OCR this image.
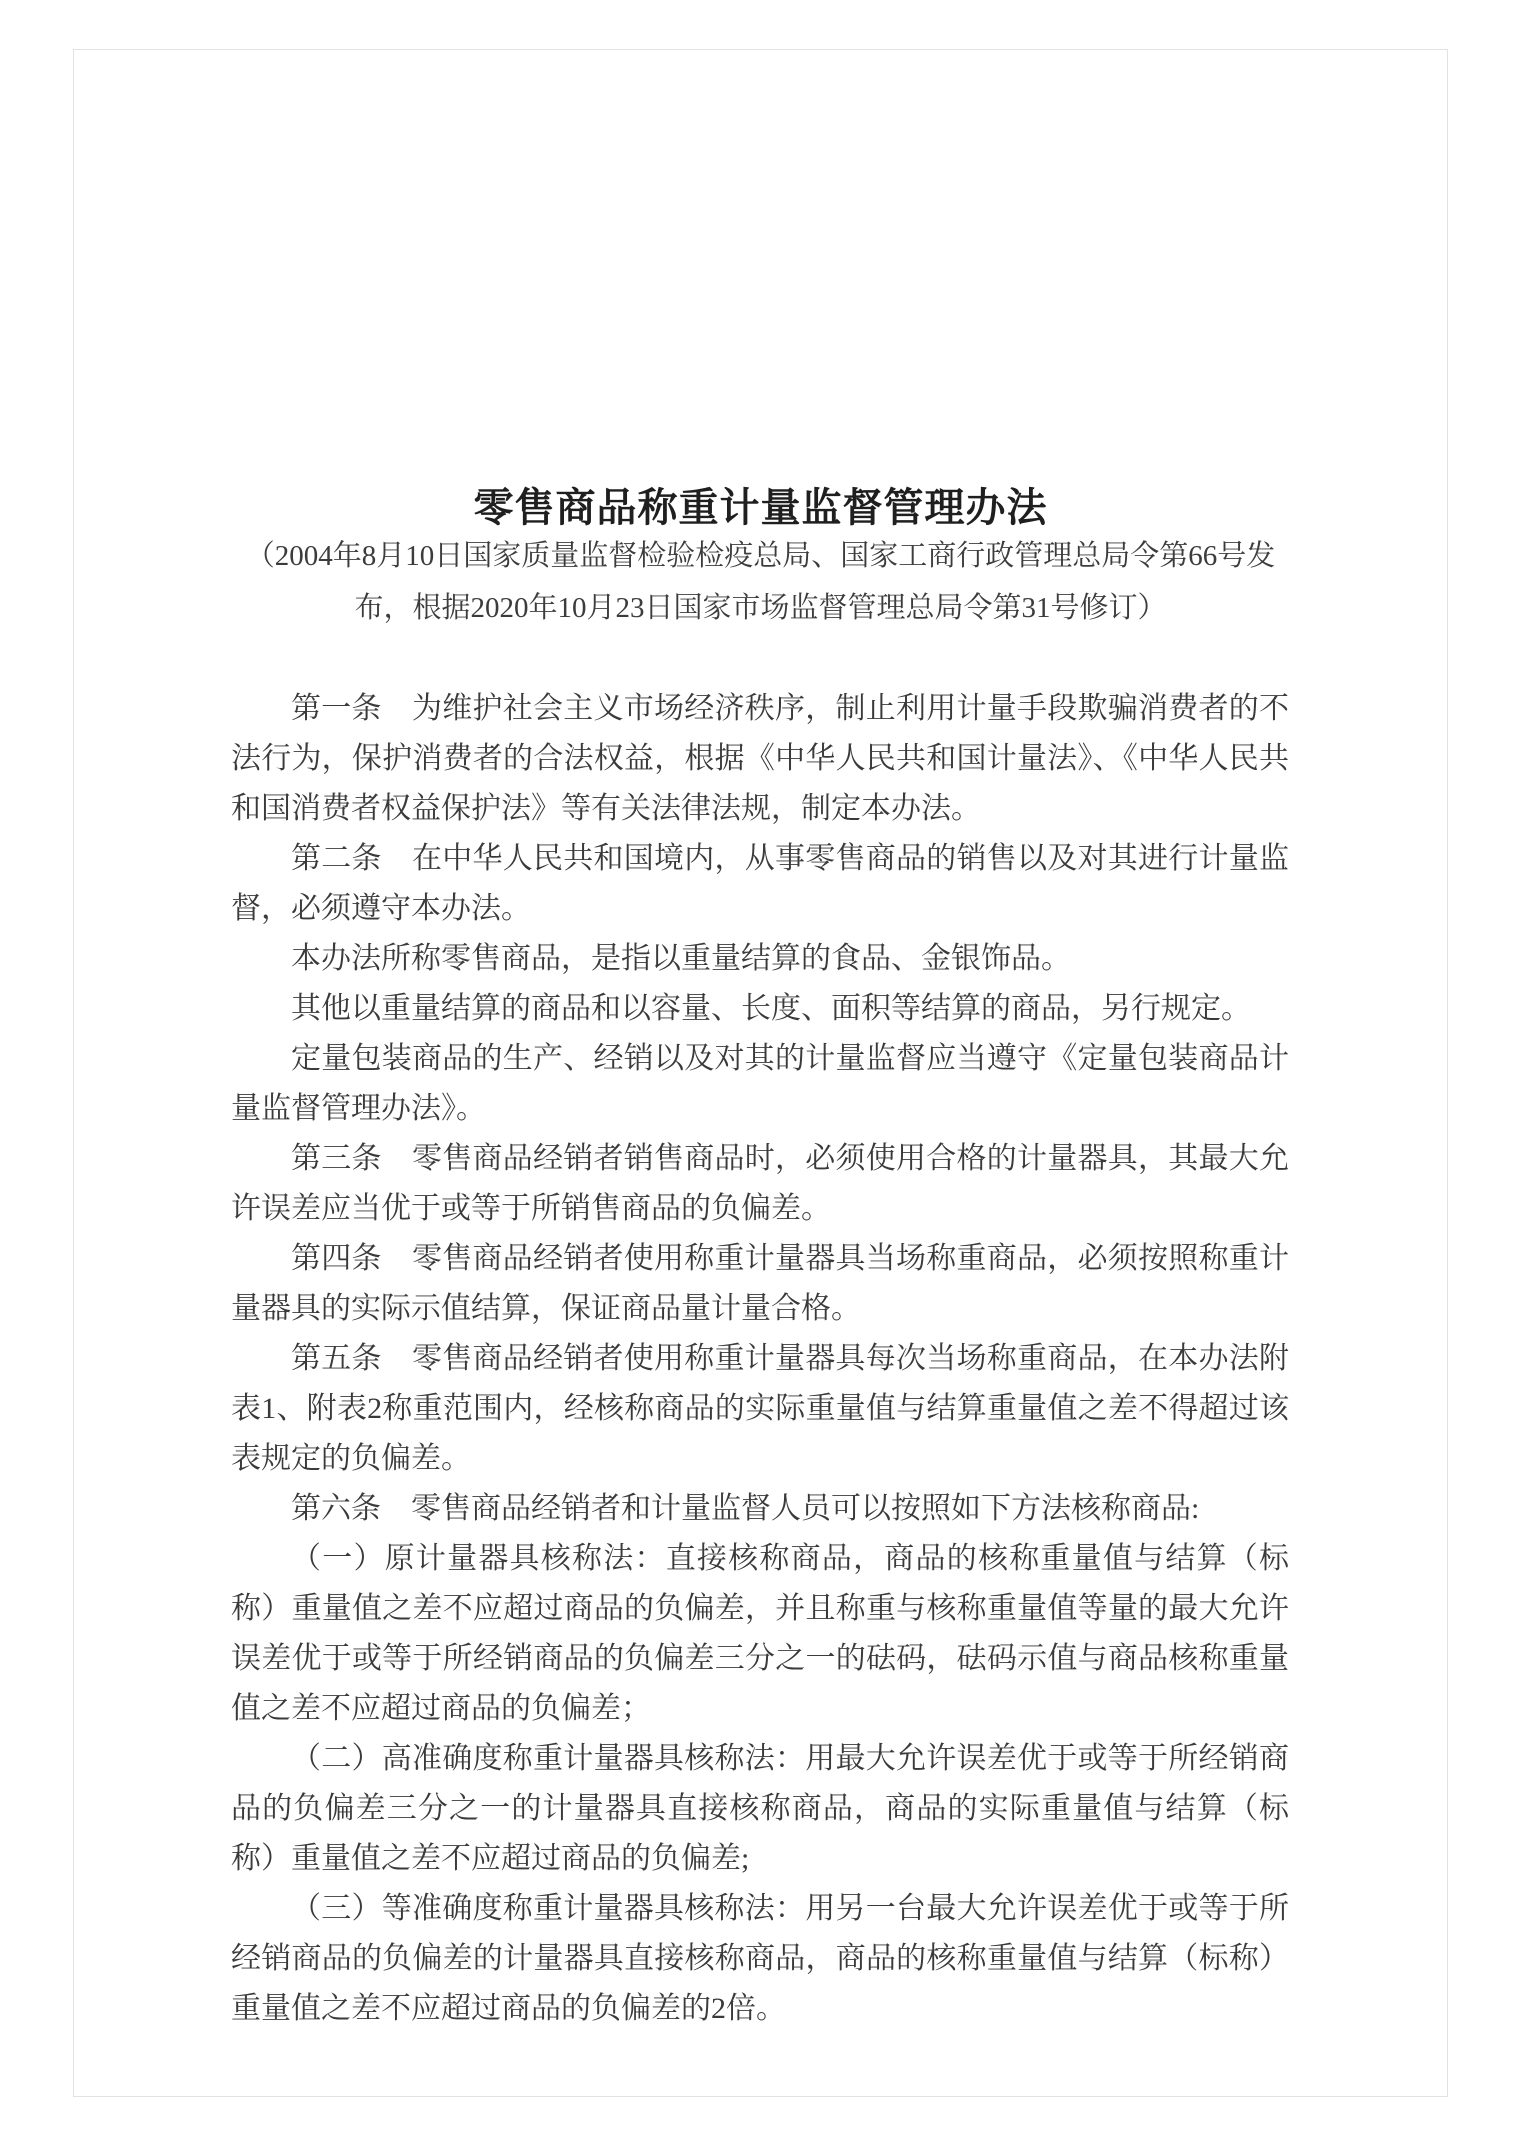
零售商品称重计量监督管理办法
（2004年8月10日国家质量监督检验检疫总局、国家工商行政管理总局令第66号发
布，根据2020年10月23日国家市场监督管理总局令第31号修订）

第一条　为维护社会主义市场经济秩序，制止利用计量手段欺骗消费者的不法行为，保护消费者的合法权益，根据《中华人民共和国计量法》、《中华人民共和国消费者权益保护法》等有关法律法规，制定本办法。

第二条　在中华人民共和国境内，从事零售商品的销售以及对其进行计量监督，必须遵守本办法。

本办法所称零售商品，是指以重量结算的食品、金银饰品。

其他以重量结算的商品和以容量、长度、面积等结算的商品，另行规定。

定量包装商品的生产、经销以及对其的计量监督应当遵守《定量包装商品计量监督管理办法》。

第三条　零售商品经销者销售商品时，必须使用合格的计量器具，其最大允许误差应当优于或等于所销售商品的负偏差。

第四条　零售商品经销者使用称重计量器具当场称重商品，必须按照称重计量器具的实际示值结算，保证商品量计量合格。

第五条　零售商品经销者使用称重计量器具每次当场称重商品，在本办法附表1、附表2称重范围内，经核称商品的实际重量值与结算重量值之差不得超过该表规定的负偏差。

第六条　零售商品经销者和计量监督人员可以按照如下方法核称商品:

（一）原计量器具核称法：直接核称商品，商品的核称重量值与结算（标称）重量值之差不应超过商品的负偏差，并且称重与核称重量值等量的最大允许误差优于或等于所经销商品的负偏差三分之一的砝码，砝码示值与商品核称重量值之差不应超过商品的负偏差；

（二）高准确度称重计量器具核称法：用最大允许误差优于或等于所经销商品的负偏差三分之一的计量器具直接核称商品，商品的实际重量值与结算（标称）重量值之差不应超过商品的负偏差;

（三）等准确度称重计量器具核称法：用另一台最大允许误差优于或等于所经销商品的负偏差的计量器具直接核称商品，商品的核称重量值与结算（标称）重量值之差不应超过商品的负偏差的2倍。
